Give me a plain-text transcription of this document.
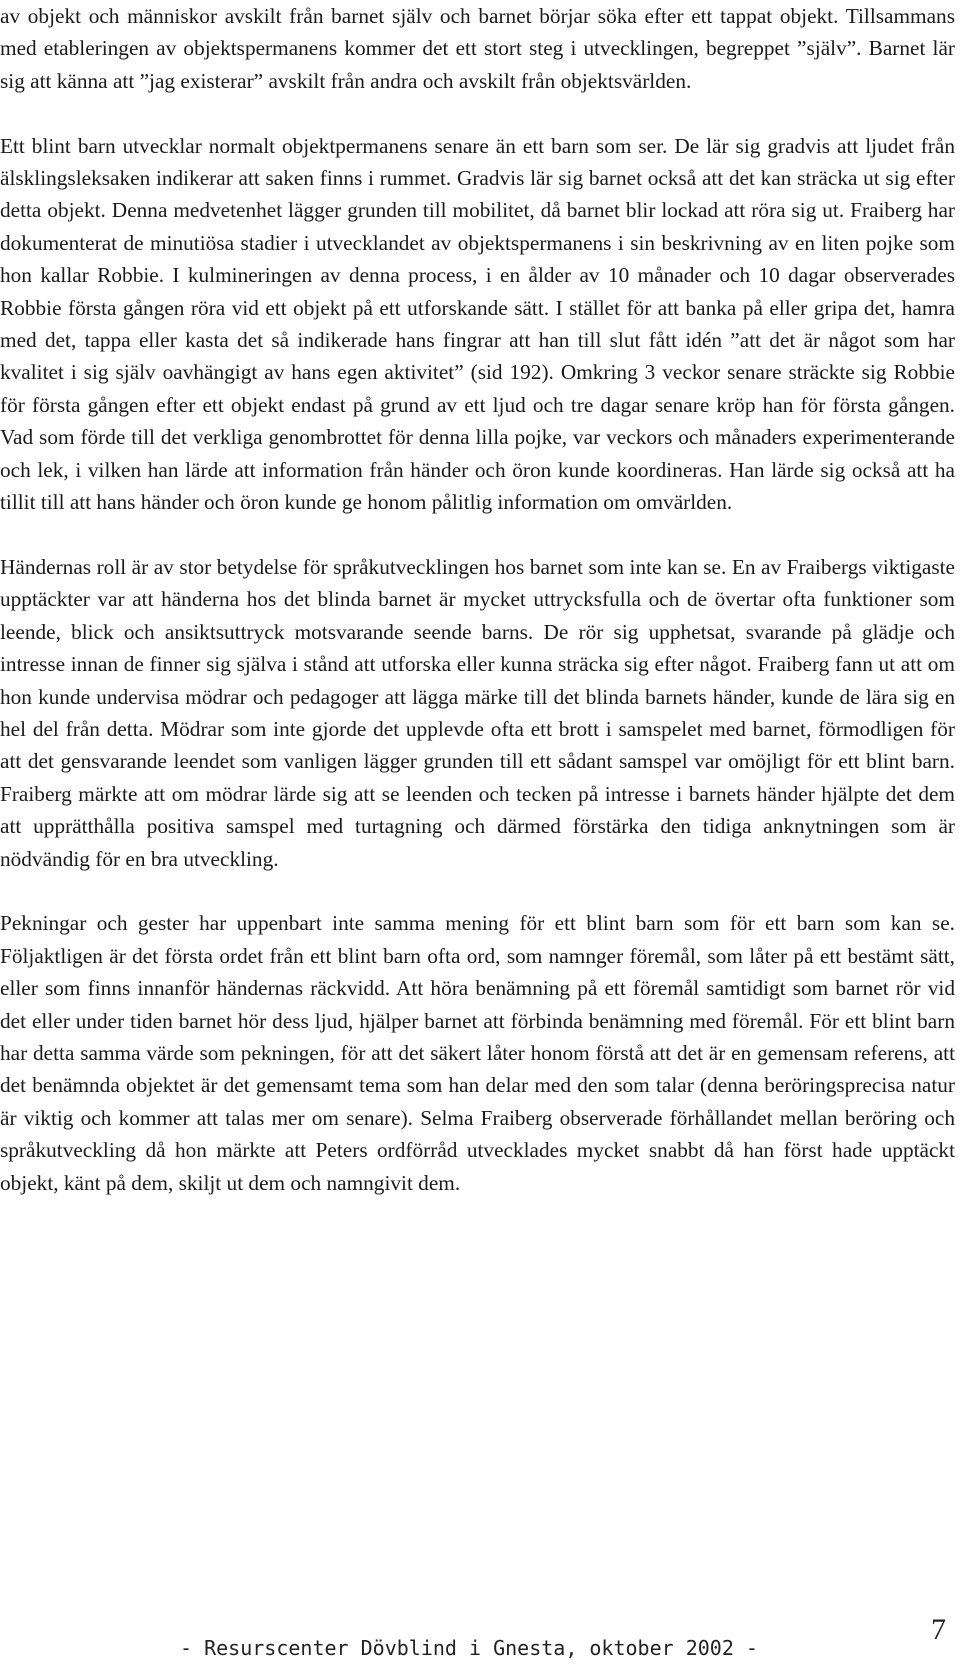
av objekt och människor avskilt från barnet själv och barnet börjar söka efter ett tappat objekt. Tillsammans med etableringen av objektspermanens kommer det ett stort steg i utvecklingen, begreppet ”själv”. Barnet lär sig att känna att ”jag existerar” avskilt från andra och avskilt från objektsvärlden.

Ett blint barn utvecklar normalt objektpermanens senare än ett barn som ser. De lär sig gradvis att ljudet från älsklingsleksaken indikerar att saken finns i rummet. Gradvis lär sig barnet också att det kan sträcka ut sig efter detta objekt. Denna medvetenhet lägger grunden till mobilitet, då barnet blir lockad att röra sig ut. Fraiberg har dokumenterat de minutiösa stadier i utvecklandet av objektspermanens i sin beskrivning av en liten pojke som hon kallar Robbie. I kulmineringen av denna process, i en ålder av 10 månader och 10 dagar observerades Robbie första gången röra vid ett objekt på ett utforskande sätt. I stället för att banka på eller gripa det, hamra med det, tappa eller kasta det så indikerade hans fingrar att han till slut fått idén ”att det är något som har kvalitet i sig själv oavhängigt av hans egen aktivitet” (sid 192). Omkring 3 veckor senare sträckte sig Robbie för första gången efter ett objekt endast på grund av ett ljud och tre dagar senare kröp han för första gången. Vad som förde till det verkliga genombrottet för denna lilla pojke, var veckors och månaders experimenterande och lek, i vilken han lärde att information från händer och öron kunde koordineras. Han lärde sig också att ha tillit till att hans händer och öron kunde ge honom pålitlig information om omvärlden.

Händernas roll är av stor betydelse för språkutvecklingen hos barnet som inte kan se. En av Fraibergs viktigaste upptäckter var att händerna hos det blinda barnet är mycket uttrycksfulla och de övertar ofta funktioner som leende, blick och ansiktsuttryck motsvarande seende barns. De rör sig upphetsat, svarande på glädje och intresse innan de finner sig själva i stånd att utforska eller kunna sträcka sig efter något. Fraiberg fann ut att om hon kunde undervisa mödrar och pedagoger att lägga märke till det blinda barnets händer, kunde de lära sig en hel del från detta. Mödrar som inte gjorde det upplevde ofta ett brott i samspelet med barnet, förmodligen för att det gensvarande leendet som vanligen lägger grunden till ett sådant samspel var omöjligt för ett blint barn. Fraiberg märkte att om mödrar lärde sig att se leenden och tecken på intresse i barnets händer hjälpte det dem att upprätthålla positiva samspel med turtagning och därmed förstärka den tidiga anknytningen som är nödvändig för en bra utveckling.

Pekningar och gester har uppenbart inte samma mening för ett blint barn som för ett barn som kan se. Följaktligen är det första ordet från ett blint barn ofta ord, som namnger föremål, som låter på ett bestämt sätt, eller som finns innanför händernas räckvidd. Att höra benämning på ett föremål samtidigt som barnet rör vid det eller under tiden barnet hör dess ljud, hjälper barnet att förbinda benämning med föremål. För ett blint barn har detta samma värde som pekningen, för att det säkert låter honom förstå att det är en gemensam referens, att det benämnda objektet är det gemensamt tema som han delar med den som talar (denna beröringsprecisa natur är viktig och kommer att talas mer om senare). Selma Fraiberg observerade förhållandet mellan beröring och språkutveckling då hon märkte att Peters ordförråd utvecklades mycket snabbt då han först hade upptäckt objekt, känt på dem, skiljt ut dem och namngivit dem.

- Resurscenter Dövblind i Gnesta, oktober 2002 -
7
